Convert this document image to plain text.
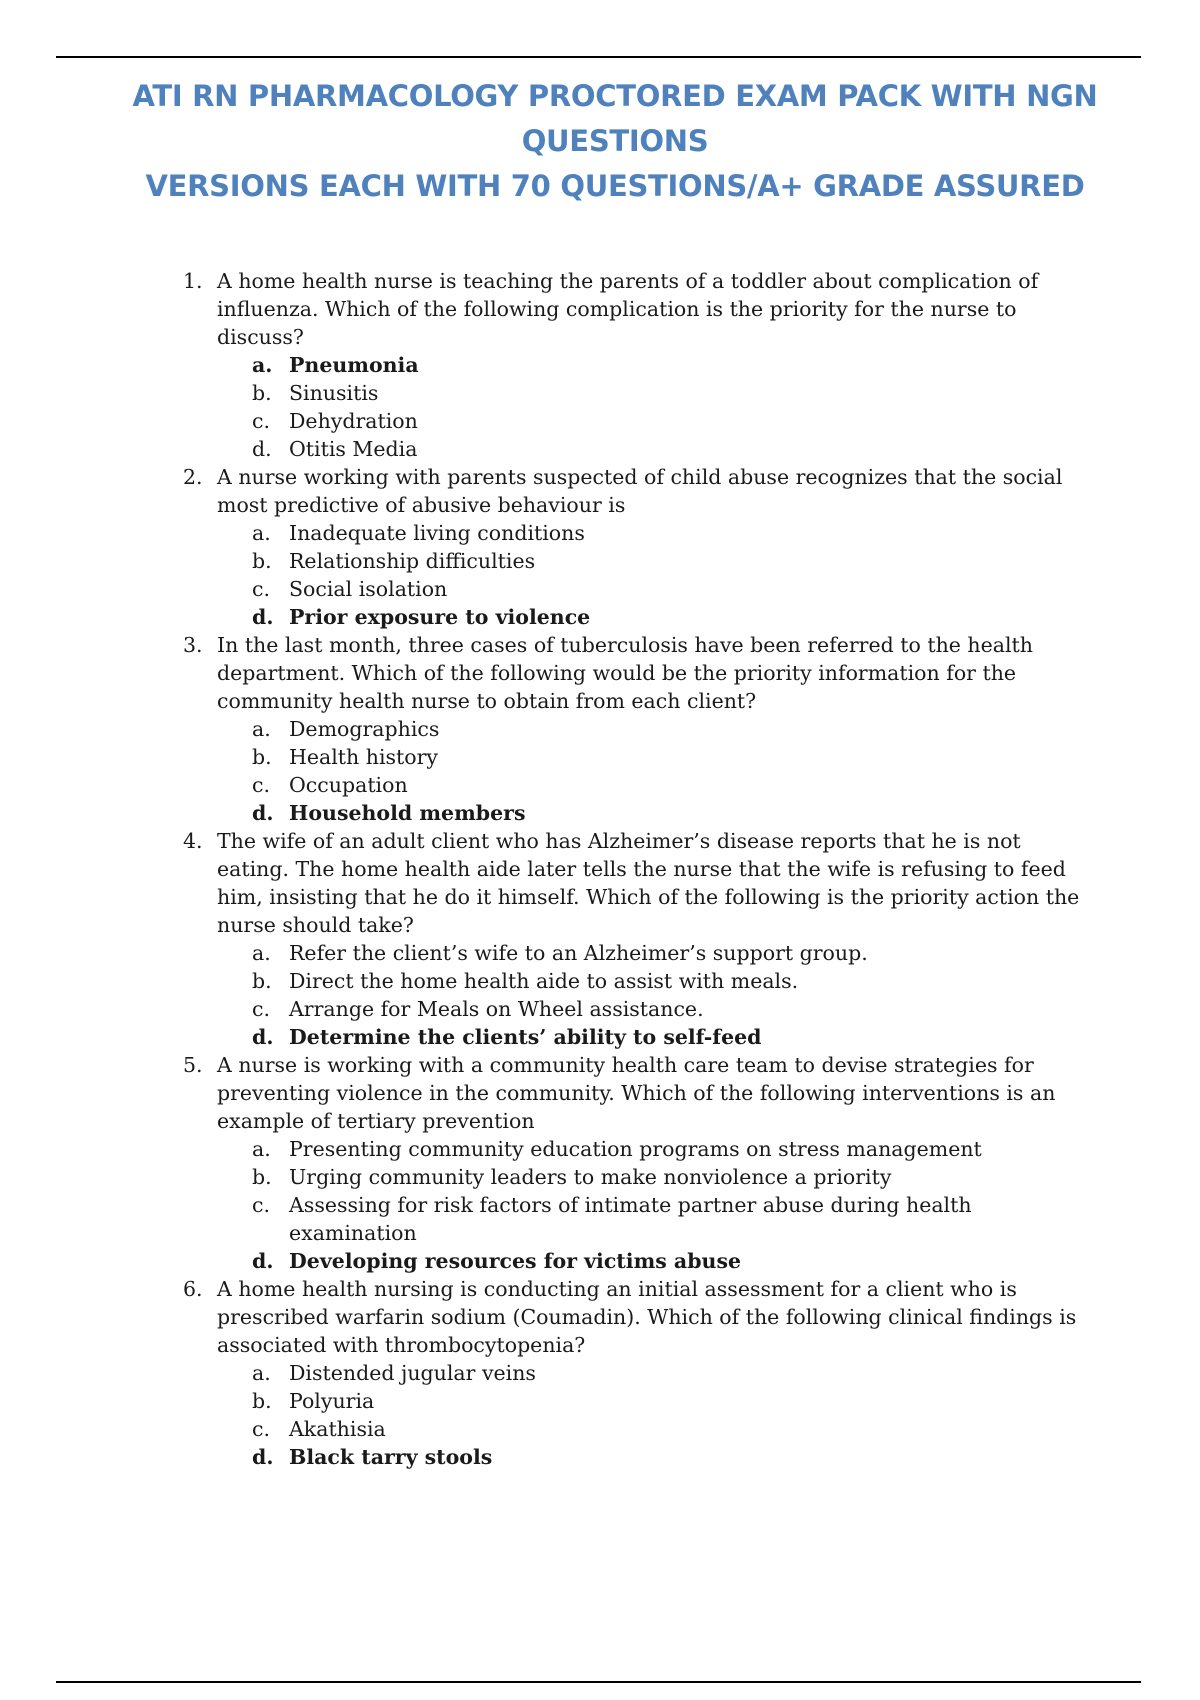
ATI RN PHARMACOLOGY PROCTORED EXAM PACK WITH NGN QUESTIONS
VERSIONS EACH WITH 70 QUESTIONS/A+ GRADE ASSURED
1. A home health nurse is teaching the parents of a toddler about complication of influenza. Which of the following complication is the priority for the nurse to discuss?
a. Pneumonia
b. Sinusitis
c. Dehydration
d. Otitis Media
2. A nurse working with parents suspected of child abuse recognizes that the social most predictive of abusive behaviour is
a. Inadequate living conditions
b. Relationship difficulties
c. Social isolation
d. Prior exposure to violence
3. In the last month, three cases of tuberculosis have been referred to the health department. Which of the following would be the priority information for the community health nurse to obtain from each client?
a. Demographics
b. Health history
c. Occupation
d. Household members
4. The wife of an adult client who has Alzheimer’s disease reports that he is not eating. The home health aide later tells the nurse that the wife is refusing to feed him, insisting that he do it himself. Which of the following is the priority action the nurse should take?
a. Refer the client’s wife to an Alzheimer’s support group.
b. Direct the home health aide to assist with meals.
c. Arrange for Meals on Wheel assistance.
d. Determine the clients’ ability to self-feed
5. A nurse is working with a community health care team to devise strategies for preventing violence in the community. Which of the following interventions is an example of tertiary prevention
a. Presenting community education programs on stress management
b. Urging community leaders to make nonviolence a priority
c. Assessing for risk factors of intimate partner abuse during health examination
d. Developing resources for victims abuse
6. A home health nursing is conducting an initial assessment for a client who is prescribed warfarin sodium (Coumadin). Which of the following clinical findings is associated with thrombocytopenia?
a. Distended jugular veins
b. Polyuria
c. Akathisia
d. Black tarry stools
